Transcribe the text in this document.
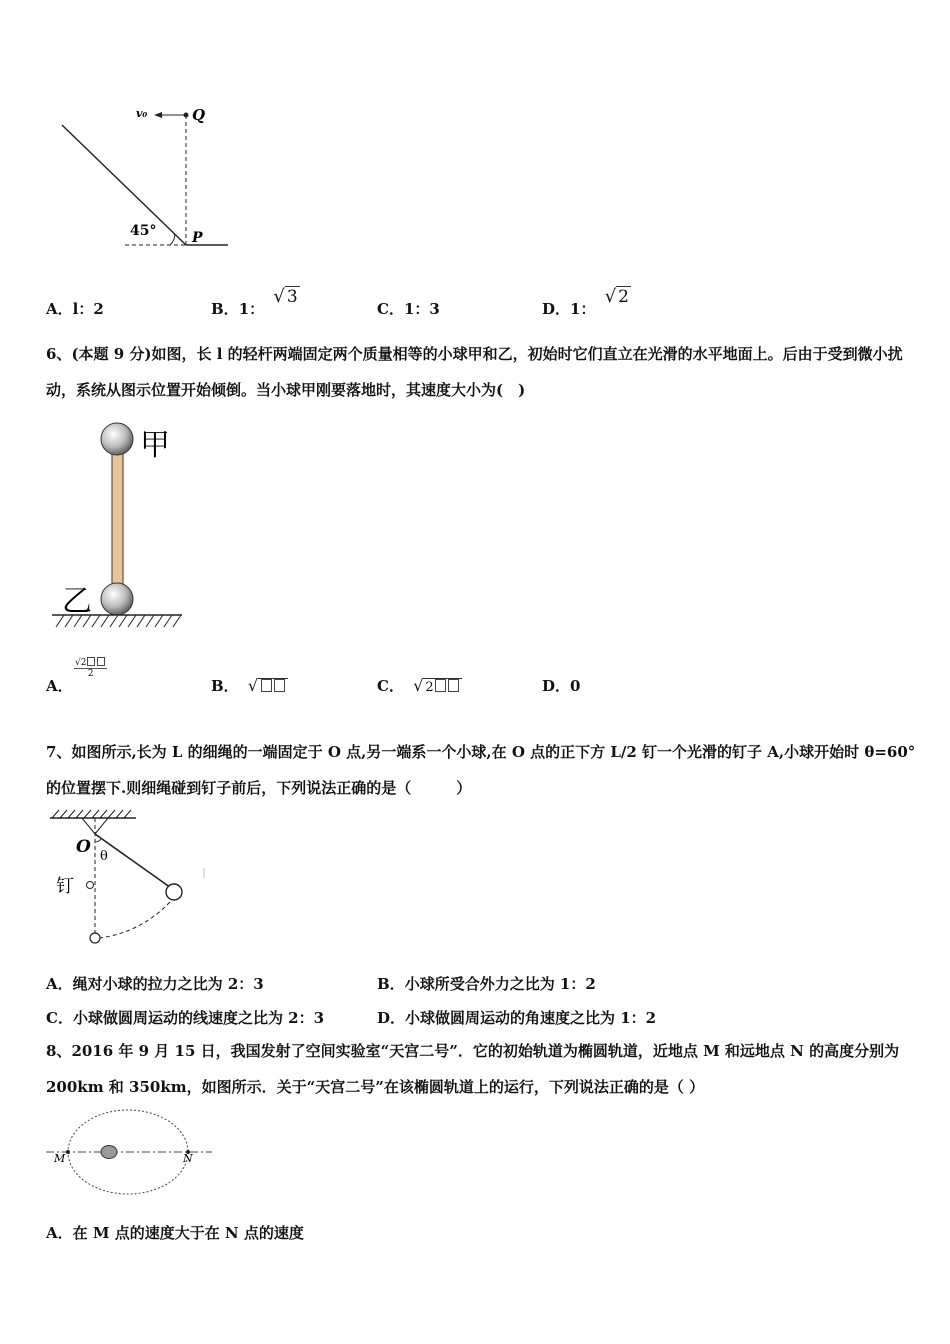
v₀	Q
P
45°
A．l：2	B．1： √ 3
C．1：3	D．1： √ 2
6、(本题 9 分)如图，长 l 的轻杆两端固定两个质量相等的小球甲和乙，初始时它们直立在光滑的水平地面上。后由于受到微小扰动，系统从图示位置开始倾倒。当小球甲刚要落地时，其速度大小为(　)
甲
乙
A．
√2
2
B． √	C． √ 2	D．0
7、如图所示,长为 L 的细绳的一端固定于 O 点,另一端系一个小球,在 O 点的正下方 L/2 钉一个光滑的钉子 A,小球开始时 θ=60°的位置摆下.则细绳碰到钉子前后，下列说法正确的是（　　　）
O θ
钉
A．绳对小球的拉力之比为 2：3	B．小球所受合外力之比为 1：2
C．小球做圆周运动的线速度之比为 2：3	D．小球做圆周运动的角速度之比为 1：2
8、2016 年 9 月 15 日，我国发射了空间实验室“天宫二号”．它的初始轨道为椭圆轨道，近地点 M 和远地点 N 的高度分别为 200km 和 350km，如图所示．关于“天宫二号”在该椭圆轨道上的运行，下列说法正确的是（ ）
M	N
A．在 M 点的速度大于在 N 点的速度
